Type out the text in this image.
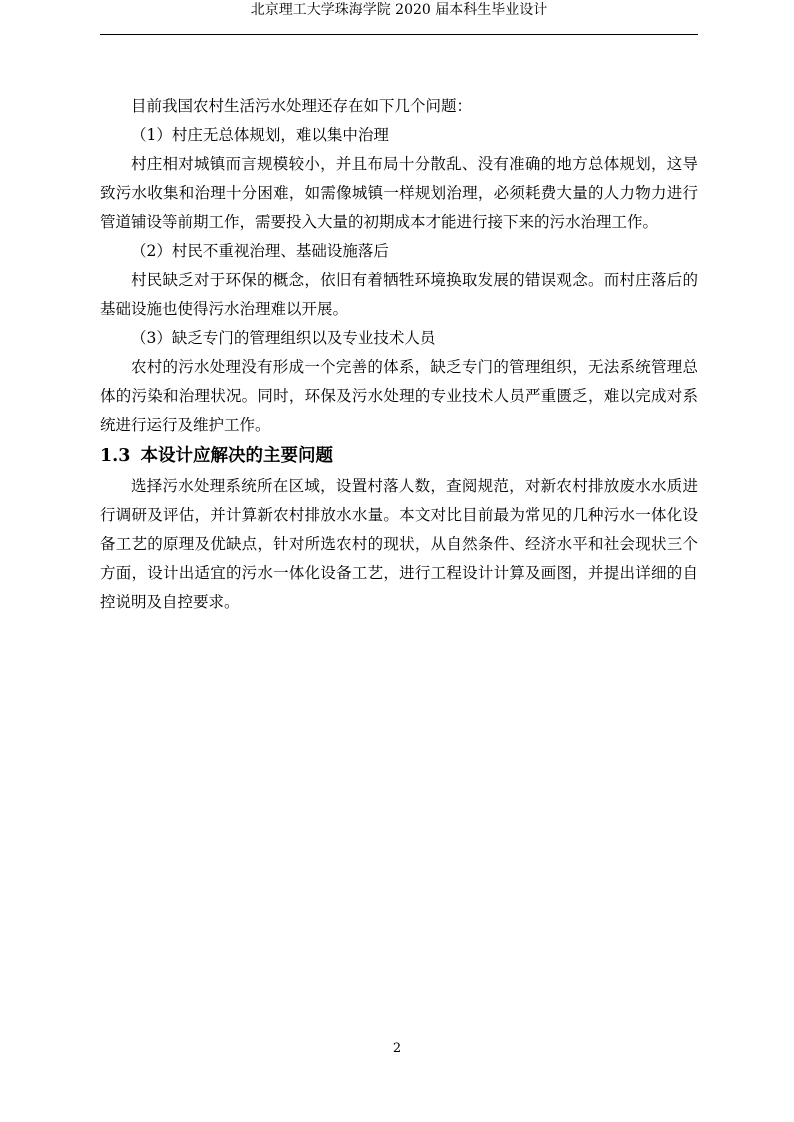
北京理工大学珠海学院 2020 届本科生毕业设计

目前我国农村生活污水处理还存在如下几个问题：

（1）村庄无总体规划，难以集中治理

村庄相对城镇而言规模较小，并且布局十分散乱、没有准确的地方总体规划，这导致污水收集和治理十分困难，如需像城镇一样规划治理，必须耗费大量的人力物力进行管道铺设等前期工作，需要投入大量的初期成本才能进行接下来的污水治理工作。

（2）村民不重视治理、基础设施落后

村民缺乏对于环保的概念，依旧有着牺牲环境换取发展的错误观念。而村庄落后的基础设施也使得污水治理难以开展。

（3）缺乏专门的管理组织以及专业技术人员

农村的污水处理没有形成一个完善的体系，缺乏专门的管理组织，无法系统管理总体的污染和治理状况。同时，环保及污水处理的专业技术人员严重匮乏，难以完成对系统进行运行及维护工作。

1.3 本设计应解决的主要问题

选择污水处理系统所在区域，设置村落人数，查阅规范，对新农村排放废水水质进行调研及评估，并计算新农村排放水水量。本文对比目前最为常见的几种污水一体化设备工艺的原理及优缺点，针对所选农村的现状，从自然条件、经济水平和社会现状三个方面，设计出适宜的污水一体化设备工艺，进行工程设计计算及画图，并提出详细的自控说明及自控要求。

2
